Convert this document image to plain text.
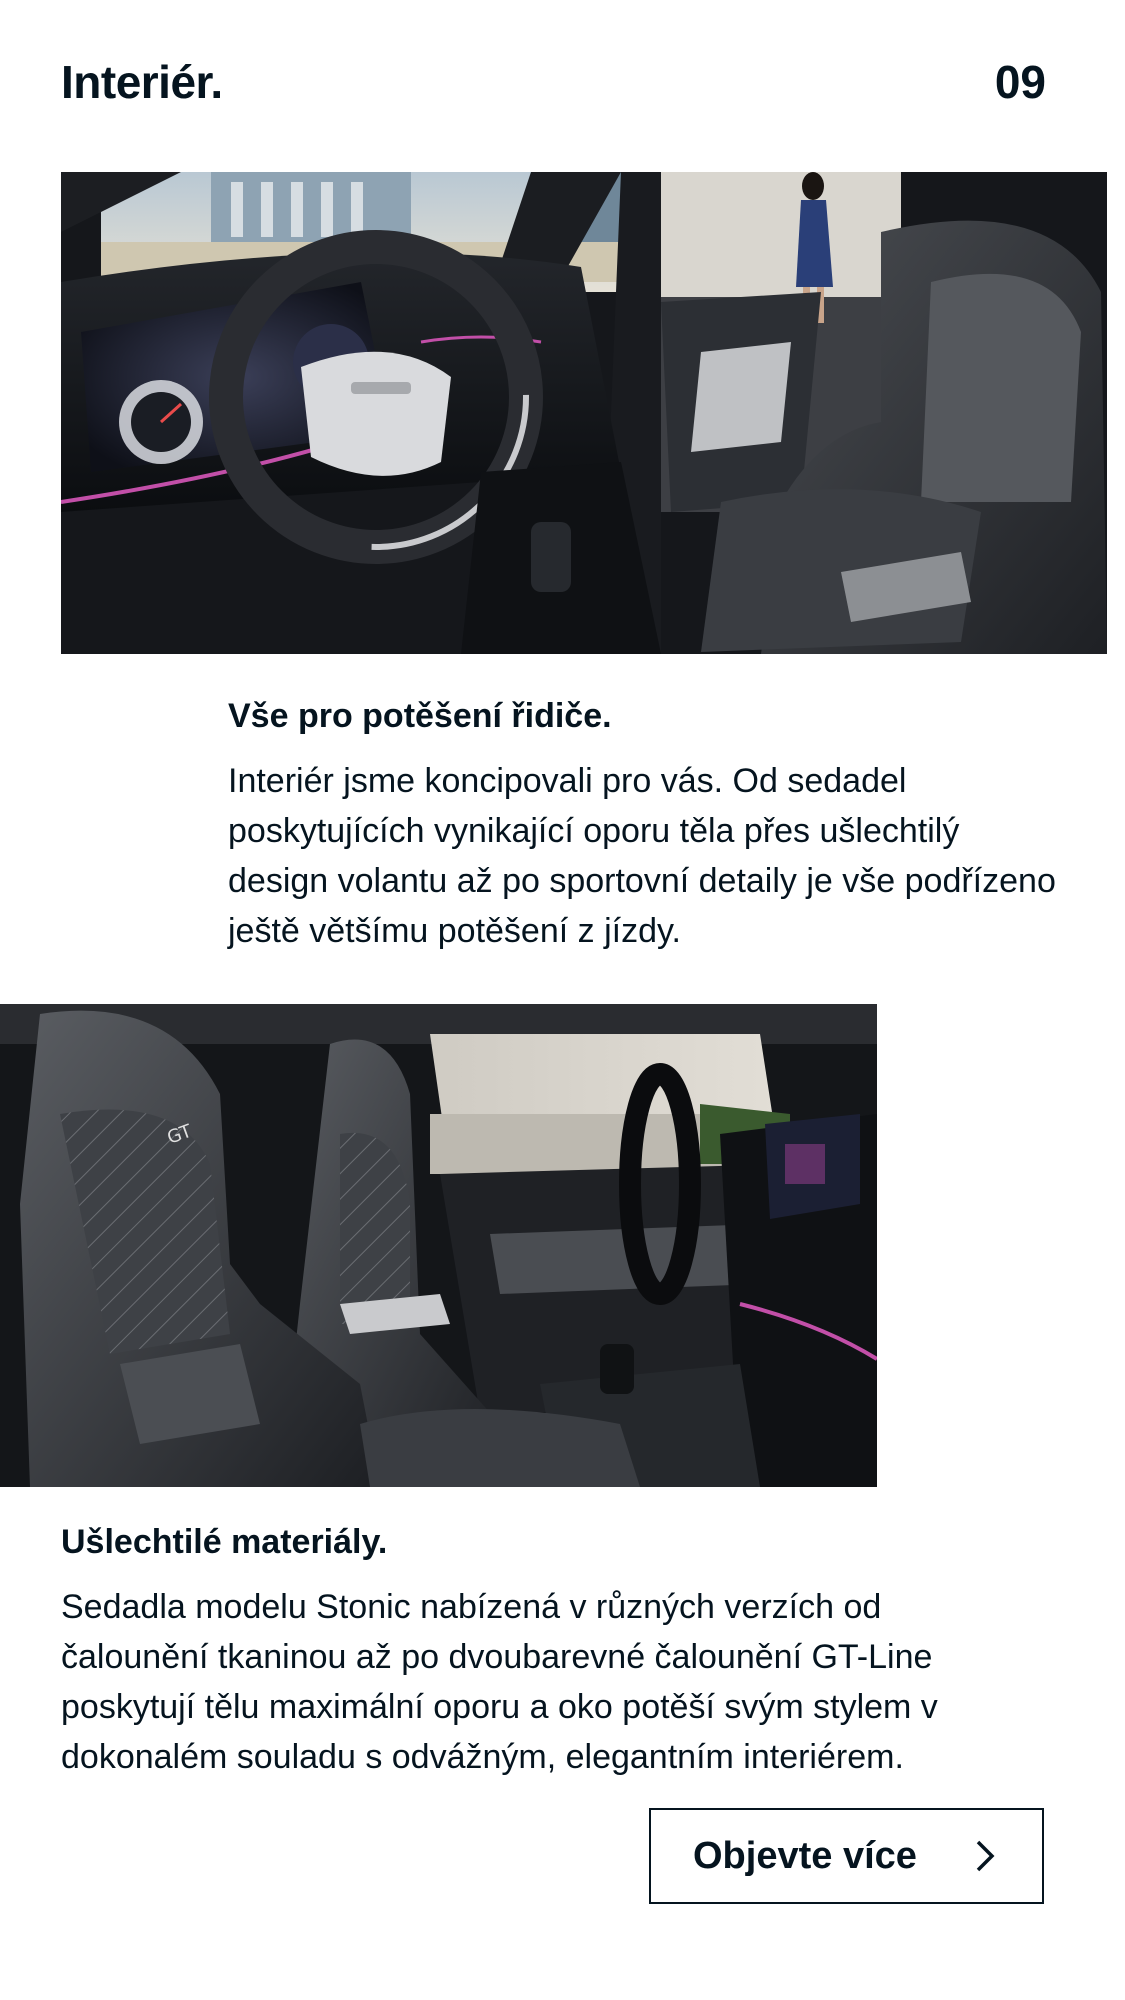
Interiér.	09
Vše pro potěšení řidiče.

Interiér jsme koncipovali pro vás. Od sedadel poskytujících vynikající oporu těla přes ušlechtilý design volantu až po sportovní detaily je vše podřízeno ještě většímu potěšení z jízdy.

GT
Ušlechtilé materiály.

Sedadla modelu Stonic nabízená v různých verzích od čalounění tkaninou až po dvoubarevné čalounění GT-Line poskytují tělu maximální oporu a oko potěší svým stylem v dokonalém souladu s odvážným, elegantním interiérem.

Objevte více
